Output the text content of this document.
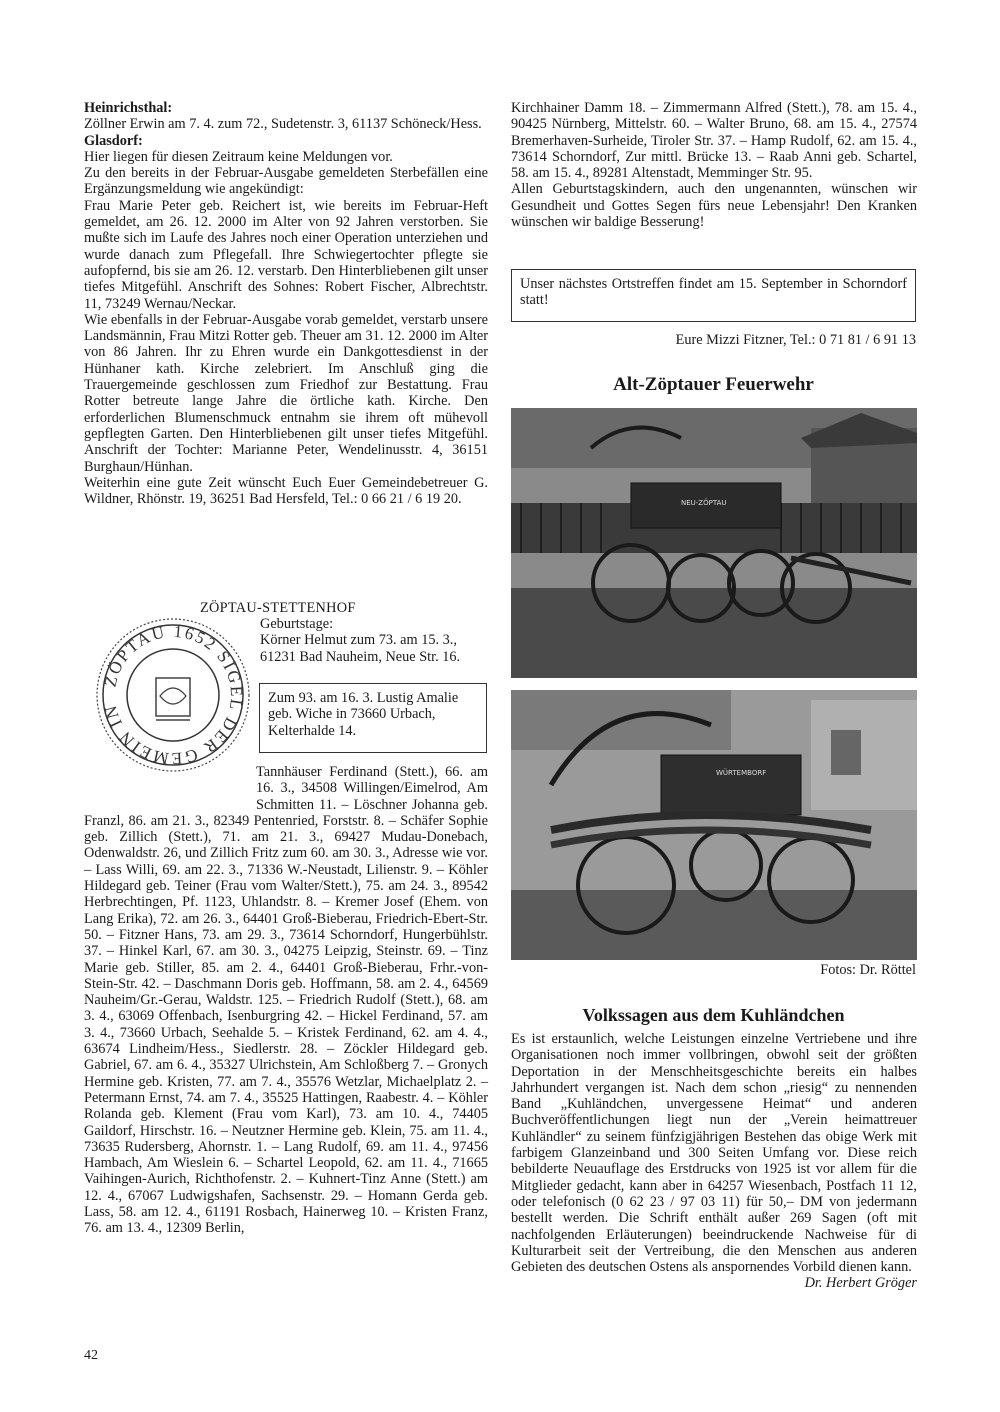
Heinrichsthal:

Zöllner Erwin am 7. 4. zum 72., Sudetenstr. 3, 61137 Schöneck/Hess.

Glasdorf:

Hier liegen für diesen Zeitraum keine Meldungen vor.

Zu den bereits in der Februar-Ausgabe gemeldeten Sterbefällen eine Ergänzungsmeldung wie angekündigt:

Frau Marie Peter geb. Reichert ist, wie bereits im Februar-Heft gemeldet, am 26. 12. 2000 im Alter von 92 Jahren verstorben. Sie mußte sich im Laufe des Jahres noch einer Operation unterziehen und wurde danach zum Pflegefall. Ihre Schwiegertochter pflegte sie aufopfernd, bis sie am 26. 12. verstarb. Den Hinterbliebenen gilt unser tiefes Mitgefühl. Anschrift des Sohnes: Robert Fischer, Albrechtstr. 11, 73249 Wernau/Neckar.

Wie ebenfalls in der Februar-Ausgabe vorab gemeldet, verstarb unsere Landsmännin, Frau Mitzi Rotter geb. Theuer am 31. 12. 2000 im Alter von 86 Jahren. Ihr zu Ehren wurde ein Dankgottesdienst in der Hünhaner kath. Kirche zelebriert. Im Anschluß ging die Trauergemeinde geschlossen zum Friedhof zur Bestattung. Frau Rotter betreute lange Jahre die örtliche kath. Kirche. Den erforderlichen Blumenschmuck entnahm sie ihrem oft mühevoll gepflegten Garten. Den Hinterbliebenen gilt unser tiefes Mitgefühl. Anschrift der Tochter: Marianne Peter, Wendelinusstr. 4, 36151 Burghaun/Hünhan.

Weiterhin eine gute Zeit wünscht Euch Euer Gemeindebetreuer G. Wildner, Rhönstr. 19, 36251 Bad Hersfeld, Tel.: 0 66 21 / 6 19 20.

ZÖPTAU-STETTENHOF
ZÖPTAU 1652 SIGEL DER GEMEIN IN

Geburtstage:

Körner Helmut zum 73. am 15. 3., 61231 Bad Nauheim, Neue Str. 16.

Zum 93. am 16. 3. Lustig Amalie geb. Wiche in 73660 Urbach, Kelterhalde 14.

Tannhäuser Ferdinand (Stett.), 66. am 16. 3., 34508 Willingen/Eimelrod, Am Schmitten 11. – Löschner Johanna geb. Franzl, 86. am 21. 3., 82349 Pentenried, Forststr. 8. – Schäfer Sophie geb. Zillich (Stett.), 71. am 21. 3., 69427 Mudau-Donebach, Odenwaldstr. 26, und Zillich Fritz zum 60. am 30. 3., Adresse wie vor. – Lass Willi, 69. am 22. 3., 71336 W.-Neustadt, Lilienstr. 9. – Köhler Hildegard geb. Teiner (Frau vom Walter/Stett.), 75. am 24. 3., 89542 Herbrechtingen, Pf. 1123, Uhlandstr. 8. – Kremer Josef (Ehem. von Lang Erika), 72. am 26. 3., 64401 Groß-Bieberau, Friedrich-Ebert-Str. 50. – Fitzner Hans, 73. am 29. 3., 73614 Schorndorf, Hungerbühlstr. 37. – Hinkel Karl, 67. am 30. 3., 04275 Leipzig, Steinstr. 69. – Tinz Marie geb. Stiller, 85. am 2. 4., 64401 Groß-Bieberau, Frhr.-von-Stein-Str. 42. – Daschmann Doris geb. Hoffmann, 58. am 2. 4., 64569 Nauheim/Gr.-Gerau, Waldstr. 125. – Friedrich Rudolf (Stett.), 68. am 3. 4., 63069 Offenbach, Isenburgring 42. – Hickel Ferdinand, 57. am 3. 4., 73660 Urbach, Seehalde 5. – Kristek Ferdinand, 62. am 4. 4., 63674 Lindheim/Hess., Siedlerstr. 28. – Zöckler Hildegard geb. Gabriel, 67. am 6. 4., 35327 Ulrichstein, Am Schloßberg 7. – Gronych Hermine geb. Kristen, 77. am 7. 4., 35576 Wetzlar, Michaelplatz 2. – Petermann Ernst, 74. am 7. 4., 35525 Hattingen, Raabestr. 4. – Köhler Rolanda geb. Klement (Frau vom Karl), 73. am 10. 4., 74405 Gaildorf, Hirschstr. 16. – Neutzner Hermine geb. Klein, 75. am 11. 4., 73635 Rudersberg, Ahornstr. 1. – Lang Rudolf, 69. am 11. 4., 97456 Hambach, Am Wieslein 6. – Schartel Leopold, 62. am 11. 4., 71665 Vaihingen-Aurich, Richthofenstr. 2. – Kuhnert-Tinz Anne (Stett.) am 12. 4., 67067 Ludwigshafen, Sachsenstr. 29. – Homann Gerda geb. Lass, 58. am 12. 4., 61191 Rosbach, Hainerweg 10. – Kristen Franz, 76. am 13. 4., 12309 Berlin,

Kirchhainer Damm 18. – Zimmermann Alfred (Stett.), 78. am 15. 4., 90425 Nürnberg, Mittelstr. 60. – Walter Bruno, 68. am 15. 4., 27574 Bremerhaven-Surheide, Tiroler Str. 37. – Hamp Rudolf, 62. am 15. 4., 73614 Schorndorf, Zur mittl. Brücke 13. – Raab Anni geb. Schartel, 58. am 15. 4., 89281 Altenstadt, Memminger Str. 95.

Allen Geburtstagskindern, auch den ungenannten, wünschen wir Gesundheit und Gottes Segen fürs neue Lebensjahr! Den Kranken wünschen wir baldige Besserung!

Unser nächstes Ortstreffen findet am 15. September in Schorndorf statt!

Eure Mizzi Fitzner, Tel.: 0 71 81 / 6 91 13
Alt-Zöptauer Feuerwehr
NEU-ZÖPTAU
WÜRTEMBORF
Fotos: Dr. Röttel
Volkssagen aus dem Kuhländchen

Es ist erstaunlich, welche Leistungen einzelne Vertriebene und ihre Organisationen noch immer vollbringen, obwohl seit der größten Deportation in der Menschheitsgeschichte bereits ein halbes Jahrhundert vergangen ist. Nach dem schon „riesig“ zu nennenden Band „Kuhländchen, unvergessene Heimat“ und anderen Buchveröffentlichungen liegt nun der „Verein heimattreuer Kuhländler“ zu seinem fünfzigjährigen Bestehen das obige Werk mit farbigem Glanzeinband und 300 Seiten Umfang vor. Diese reich bebilderte Neuauflage des Erstdrucks von 1925 ist vor allem für die Mitglieder gedacht, kann aber in 64257 Wiesenbach, Postfach 11 12, oder telefonisch (0 62 23 / 97 03 11) für 50,– DM von jedermann bestellt werden. Die Schrift enthält außer 269 Sagen (oft mit nachfolgenden Erläuterungen) beeindruckende Nachweise für di Kulturarbeit seit der Vertreibung, die den Menschen aus anderen Gebieten des deutschen Ostens als anspornendes Vorbild dienen kann.
Dr. Herbert Gröger

42
